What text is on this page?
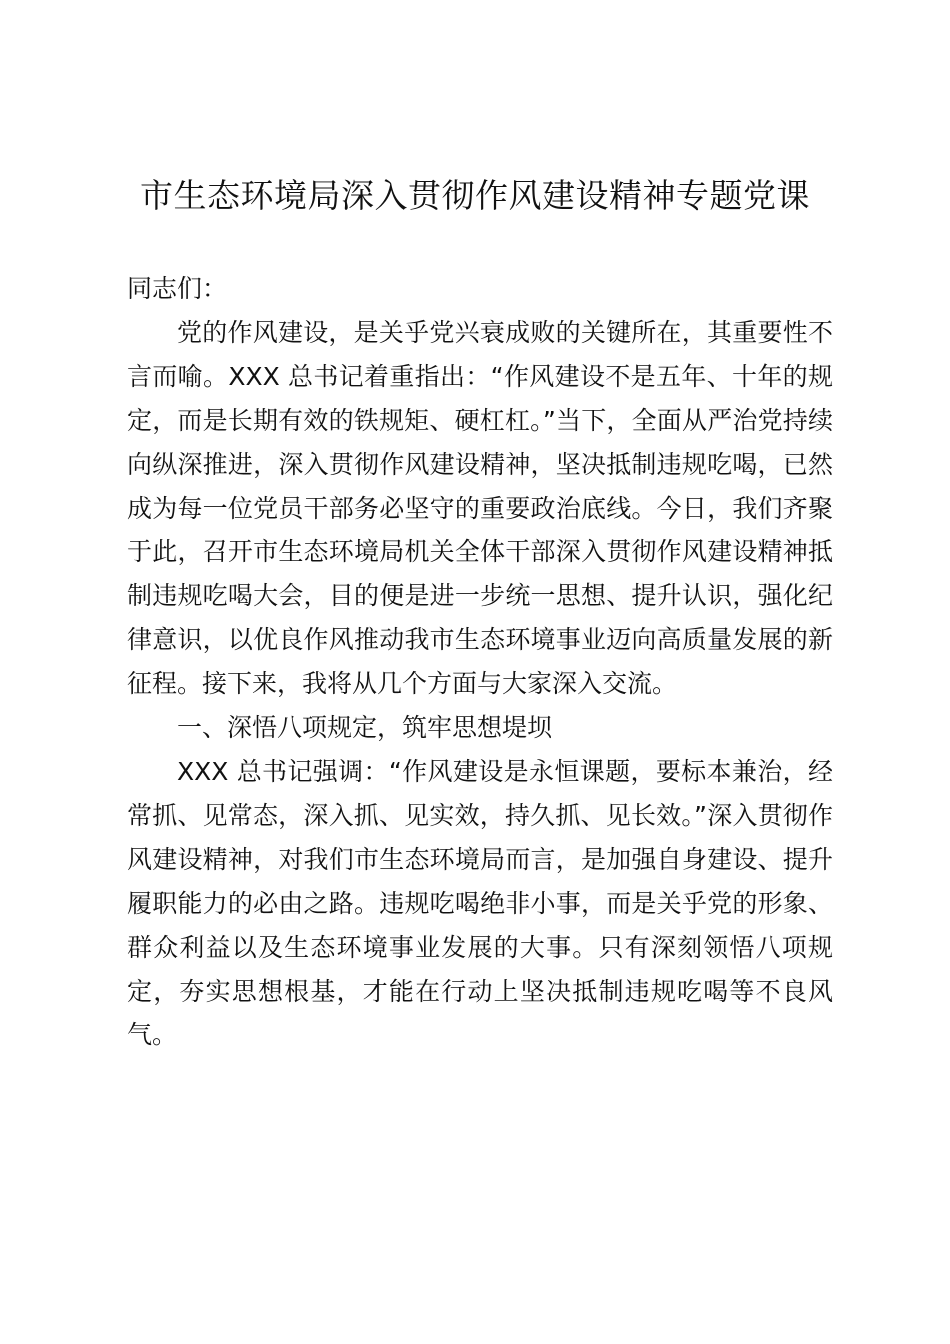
市生态环境局深入贯彻作风建设精神专题党课

同志们：

党的作风建设，是关乎党兴衰成败的关键所在，其重要性不言而喻。XXX 总书记着重指出：“作风建设不是五年、十年的规定，而是长期有效的铁规矩、硬杠杠。”当下，全面从严治党持续向纵深推进，深入贯彻作风建设精神，坚决抵制违规吃喝，已然成为每一位党员干部务必坚守的重要政治底线。今日，我们齐聚于此，召开市生态环境局机关全体干部深入贯彻作风建设精神抵制违规吃喝大会，目的便是进一步统一思想、提升认识，强化纪律意识，以优良作风推动我市生态环境事业迈向高质量发展的新征程。接下来，我将从几个方面与大家深入交流。

一、深悟八项规定，筑牢思想堤坝

XXX 总书记强调：“作风建设是永恒课题，要标本兼治，经常抓、见常态，深入抓、见实效，持久抓、见长效。”深入贯彻作风建设精神，对我们市生态环境局而言，是加强自身建设、提升履职能力的必由之路。违规吃喝绝非小事，而是关乎党的形象、群众利益以及生态环境事业发展的大事。只有深刻领悟八项规定，夯实思想根基，才能在行动上坚决抵制违规吃喝等不良风气。
